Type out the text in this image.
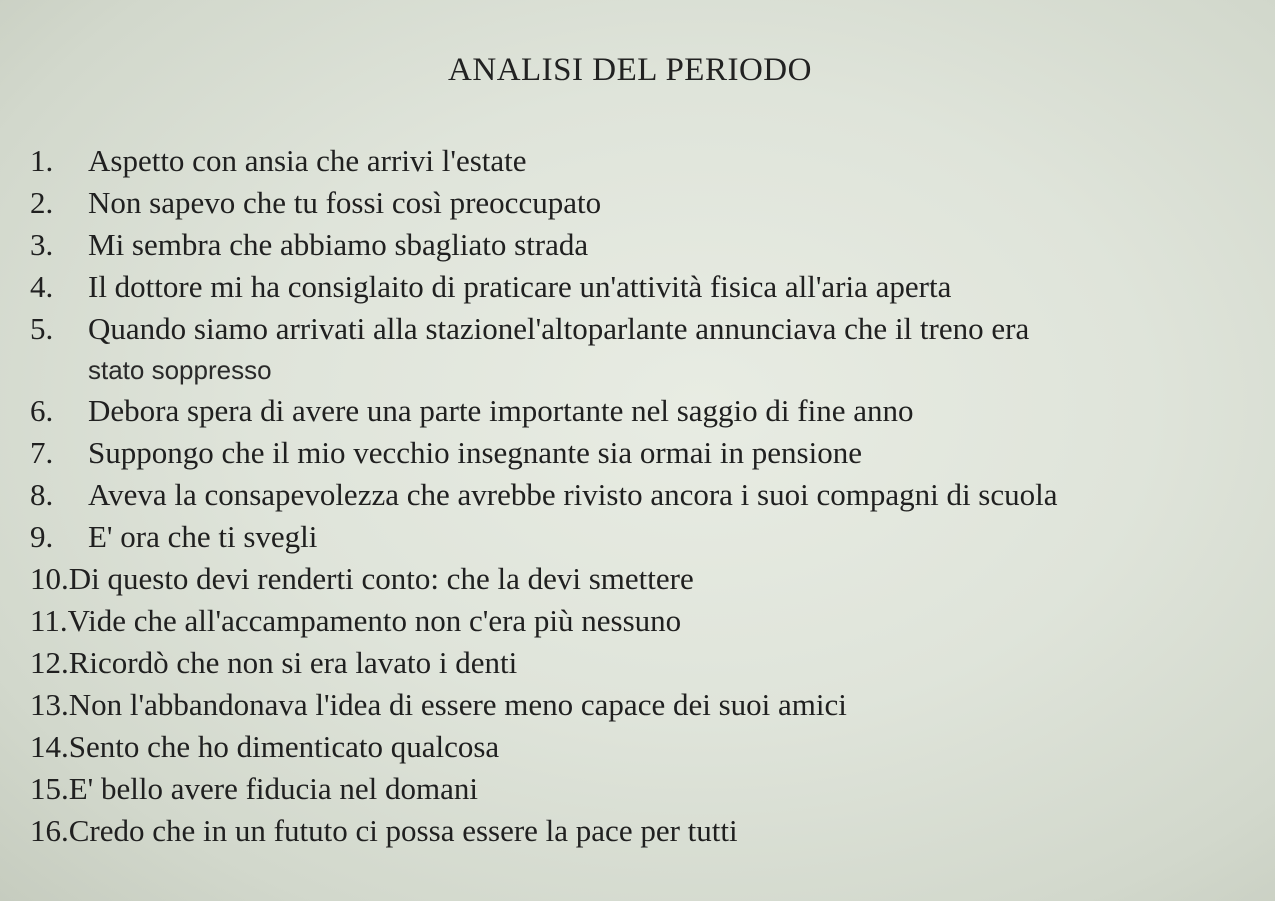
ANALISI DEL PERIODO
1.	Aspetto con ansia che arrivi l'estate
2.	Non sapevo che tu fossi così preoccupato
3.	Mi sembra che abbiamo sbagliato strada
4.	Il dottore mi ha consiglaito di praticare un'attività fisica all'aria aperta
5.	Quando siamo arrivati alla stazionel'altoparlante annunciava che il treno era
stato soppresso
6.	Debora spera di avere una parte importante nel saggio di fine anno
7.	Suppongo che il mio vecchio insegnante sia ormai in pensione
8.	Aveva la consapevolezza che avrebbe rivisto ancora i suoi compagni di scuola
9.	E' ora che ti svegli
10. Di questo devi renderti conto: che la devi smettere
11. Vide che all'accampamento non c'era più nessuno
12. Ricordò che non si era lavato i denti
13. Non l'abbandonava l'idea di essere meno capace dei suoi amici
14. Sento che ho dimenticato qualcosa
15. E' bello avere fiducia nel domani
16. Credo che in un fututo ci possa essere la pace per tutti
